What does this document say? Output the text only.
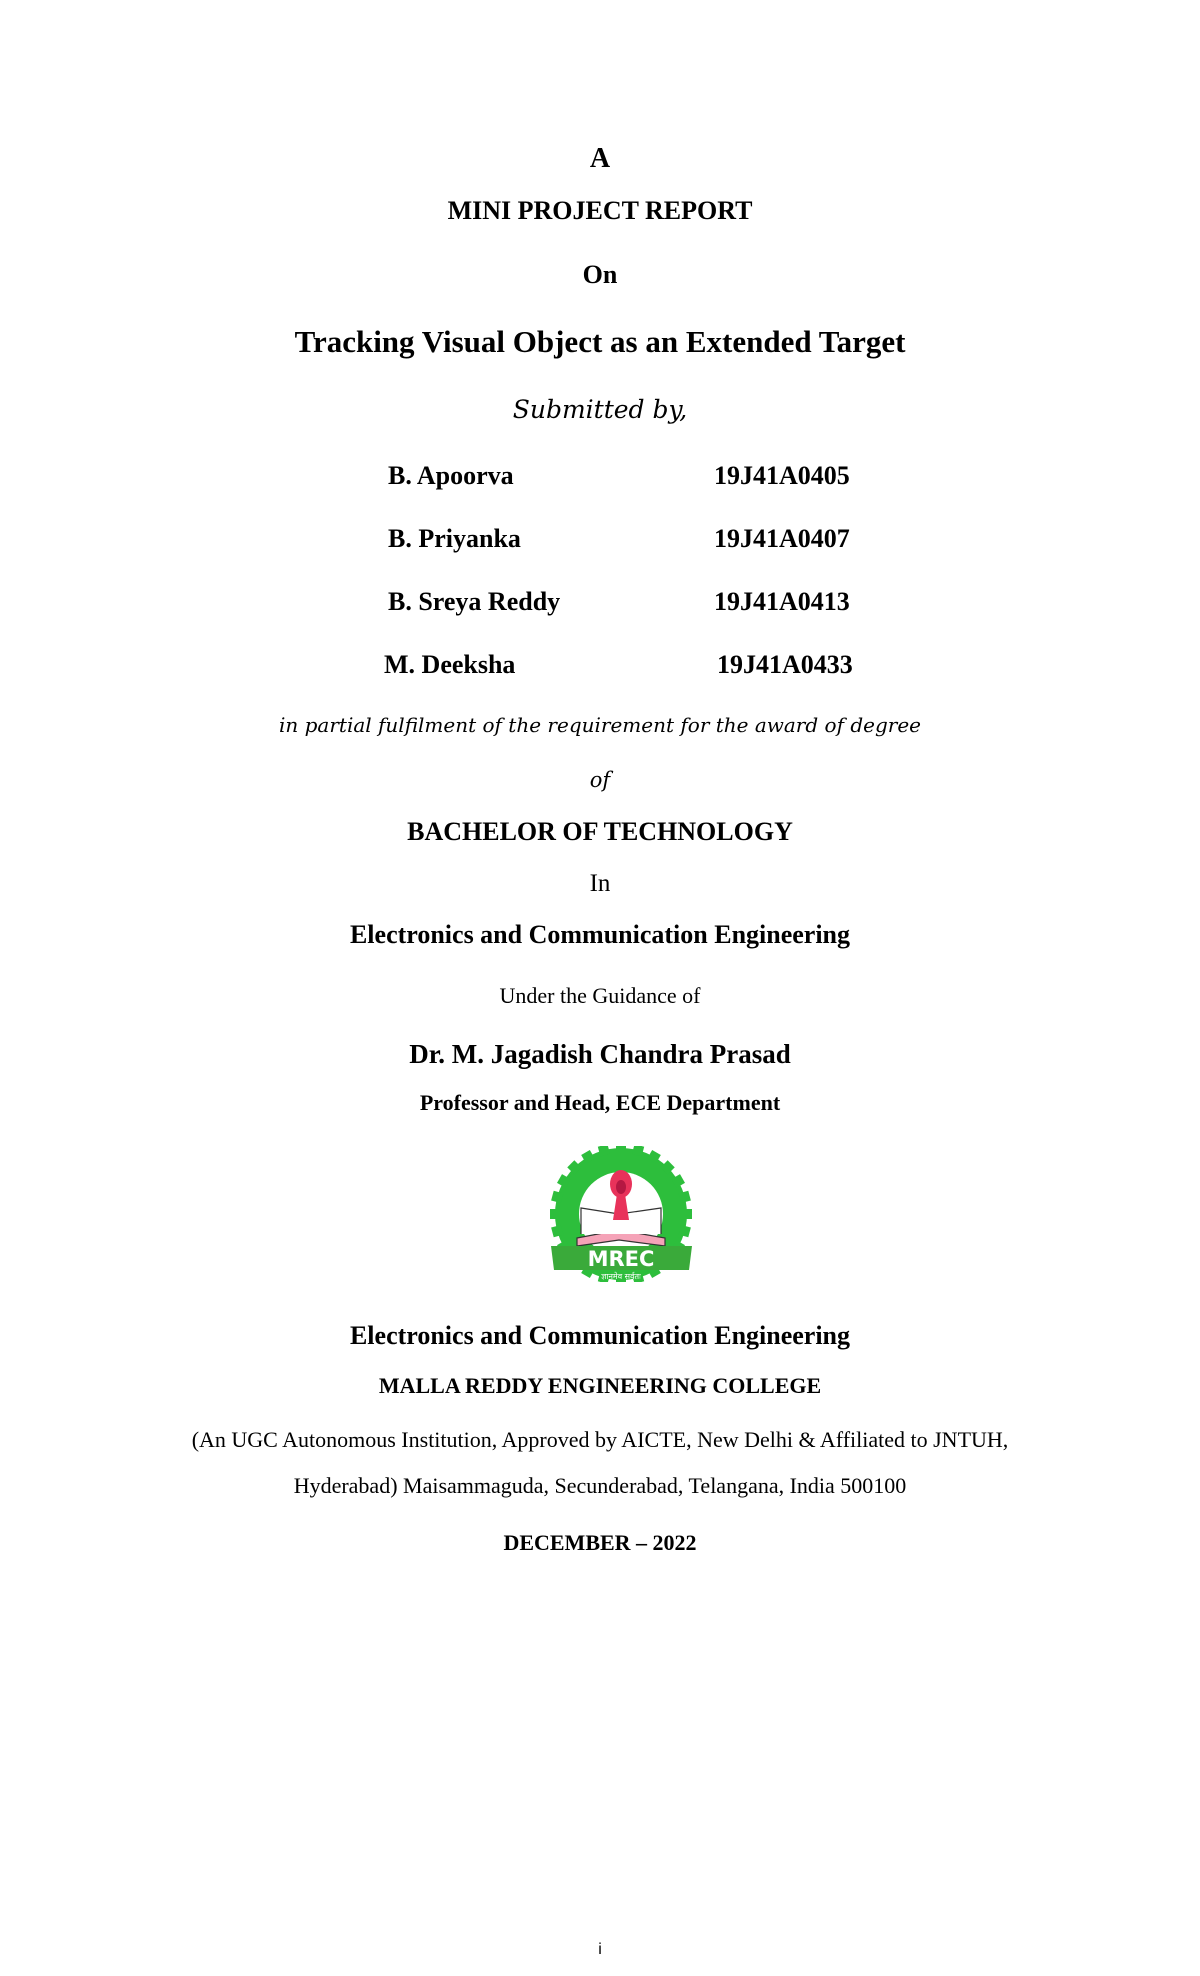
A
MINI PROJECT REPORT
On
Tracking Visual Object as an Extended Target
Submitted by,
B. Apoorva	19J41A0405
B. Priyanka	19J41A0407
B. Sreya Reddy	19J41A0413
M. Deeksha	19J41A0433
in partial fulfilment of the requirement for the award of degree
of
BACHELOR OF TECHNOLOGY
In
Electronics and Communication Engineering
Under the Guidance of
Dr. M. Jagadish Chandra Prasad
Professor and Head, ECE Department
MREC
ज्ञानमेव सर्वतः
Electronics and Communication Engineering
MALLA REDDY ENGINEERING COLLEGE
(An UGC Autonomous Institution, Approved by AICTE, New Delhi & Affiliated to JNTUH,
Hyderabad) Maisammaguda, Secunderabad, Telangana, India 500100
DECEMBER – 2022
i
